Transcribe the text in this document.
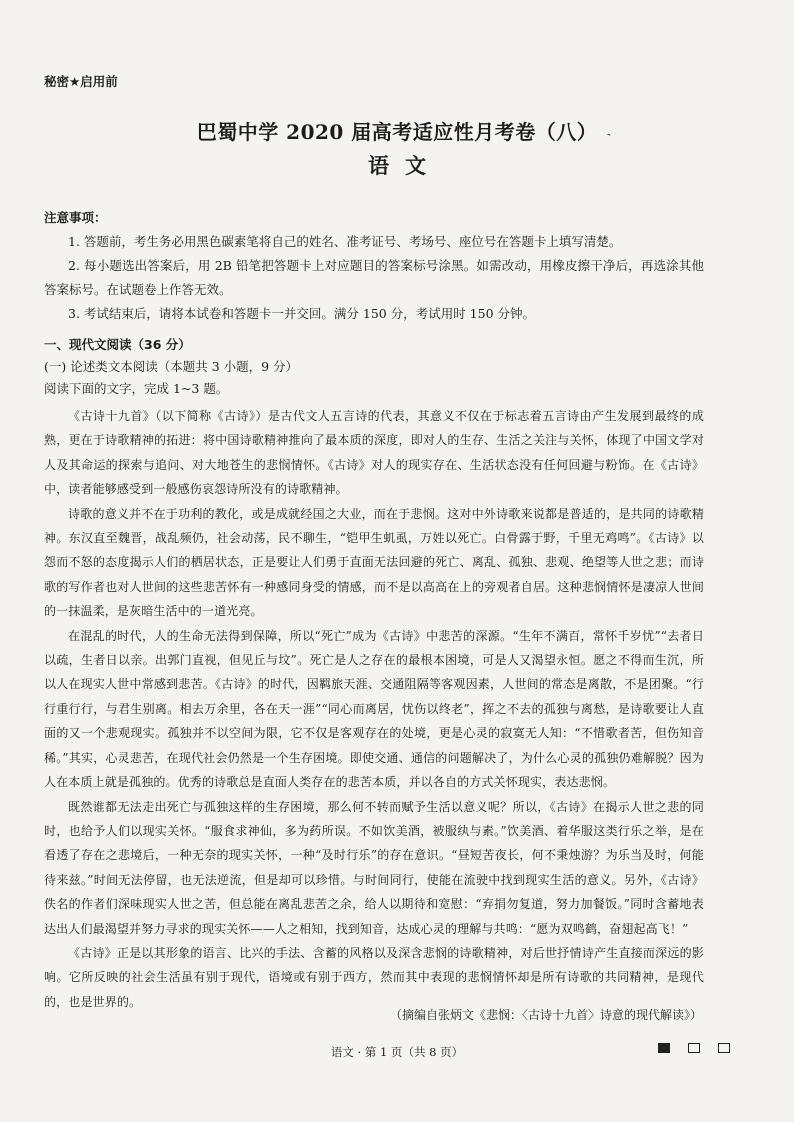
秘密★启用前
巴蜀中学 2020 届高考适应性月考卷（八） 、
语文
注意事项：

1. 答题前，考生务必用黑色碳素笔将自己的姓名、准考证号、考场号、座位号在答题卡上填写清楚。

2. 每小题选出答案后，用 2B 铅笔把答题卡上对应题目的答案标号涂黑。如需改动，用橡皮擦干净后，再选涂其他答案标号。在试题卷上作答无效。

3. 考试结束后，请将本试卷和答题卡一并交回。满分 150 分，考试用时 150 分钟。

一、现代文阅读（36 分）
(一) 论述类文本阅读（本题共 3 小题，9 分）
阅读下面的文字，完成 1~3 题。

《古诗十九首》（以下简称《古诗》）是古代文人五言诗的代表，其意义不仅在于标志着五言诗由产生发展到最终的成熟，更在于诗歌精神的拓进：将中国诗歌精神推向了最本质的深度，即对人的生存、生活之关注与关怀，体现了中国文学对人及其命运的探索与追问、对大地苍生的悲悯情怀。《古诗》对人的现实存在、生活状态没有任何回避与粉饰。在《古诗》中，读者能够感受到一般感伤哀怨诗所没有的诗歌精神。

诗歌的意义并不在于功利的教化，或是成就经国之大业，而在于悲悯。这对中外诗歌来说都是普适的，是共同的诗歌精神。东汉直至魏晋，战乱频仍，社会动荡，民不聊生，“铠甲生虮虱，万姓以死亡。白骨露于野，千里无鸡鸣”。《古诗》以怨而不怒的态度揭示人们的栖居状态，正是要让人们勇于直面无法回避的死亡、离乱、孤独、悲观、绝望等人世之悲；而诗歌的写作者也对人世间的这些悲苦怀有一种感同身受的情感，而不是以高高在上的旁观者自居。这种悲悯情怀是凄凉人世间的一抹温柔，是灰暗生活中的一道光亮。

在混乱的时代，人的生命无法得到保障，所以“死亡”成为《古诗》中悲苦的深源。“生年不满百，常怀千岁忧”“去者日以疏，生者日以亲。出郭门直视，但见丘与坟”。死亡是人之存在的最根本困境，可是人又渴望永恒。愿之不得而生沉，所以人在现实人世中常感到悲苦。《古诗》的时代，因羁旅天涯、交通阻隔等客观因素，人世间的常态是离散，不是团聚。“行行重行行，与君生别离。相去万余里，各在天一涯”“同心而离居，忧伤以终老”，挥之不去的孤独与离愁，是诗歌要让人直面的又一个悲观现实。孤独并不以空间为限，它不仅是客观存在的处境，更是心灵的寂寞无人知：“不惜歌者苦，但伤知音稀。”其实，心灵悲苦，在现代社会仍然是一个生存困境。即使交通、通信的问题解决了，为什么心灵的孤独仍难解脱？因为人在本质上就是孤独的。优秀的诗歌总是直面人类存在的悲苦本质，并以各自的方式关怀现实，表达悲悯。

既然谁都无法走出死亡与孤独这样的生存困境，那么何不转而赋予生活以意义呢？所以，《古诗》在揭示人世之悲的同时，也给予人们以现实关怀。“服食求神仙，多为药所误。不如饮美酒，被服纨与素。”饮美酒、着华服这类行乐之举，是在看透了存在之悲境后，一种无奈的现实关怀，一种“及时行乐”的存在意识。“昼短苦夜长，何不秉烛游？为乐当及时，何能待来兹。”时间无法停留，也无法逆流，但是却可以珍惜。与时间同行，使能在流驶中找到现实生活的意义。另外，《古诗》佚名的作者们深味现实人世之苦，但总能在离乱悲苦之余，给人以期待和宽慰：“弃捐勿复道，努力加餐饭。”同时含蓄地表达出人们最渴望并努力寻求的现实关怀——人之相知，找到知音，达成心灵的理解与共鸣：“愿为双鸣鹤，奋翅起高飞！”

《古诗》正是以其形象的语言、比兴的手法、含蓄的风格以及深含悲悯的诗歌精神，对后世抒情诗产生直接而深远的影响。它所反映的社会生活虽有别于现代，语境或有别于西方，然而其中表现的悲悯情怀却是所有诗歌的共同精神，是现代的，也是世界的。

（摘编自张炳文《悲悯：〈古诗十九首〉诗意的现代解读》）
语文 · 第 1 页（共 8 页）
